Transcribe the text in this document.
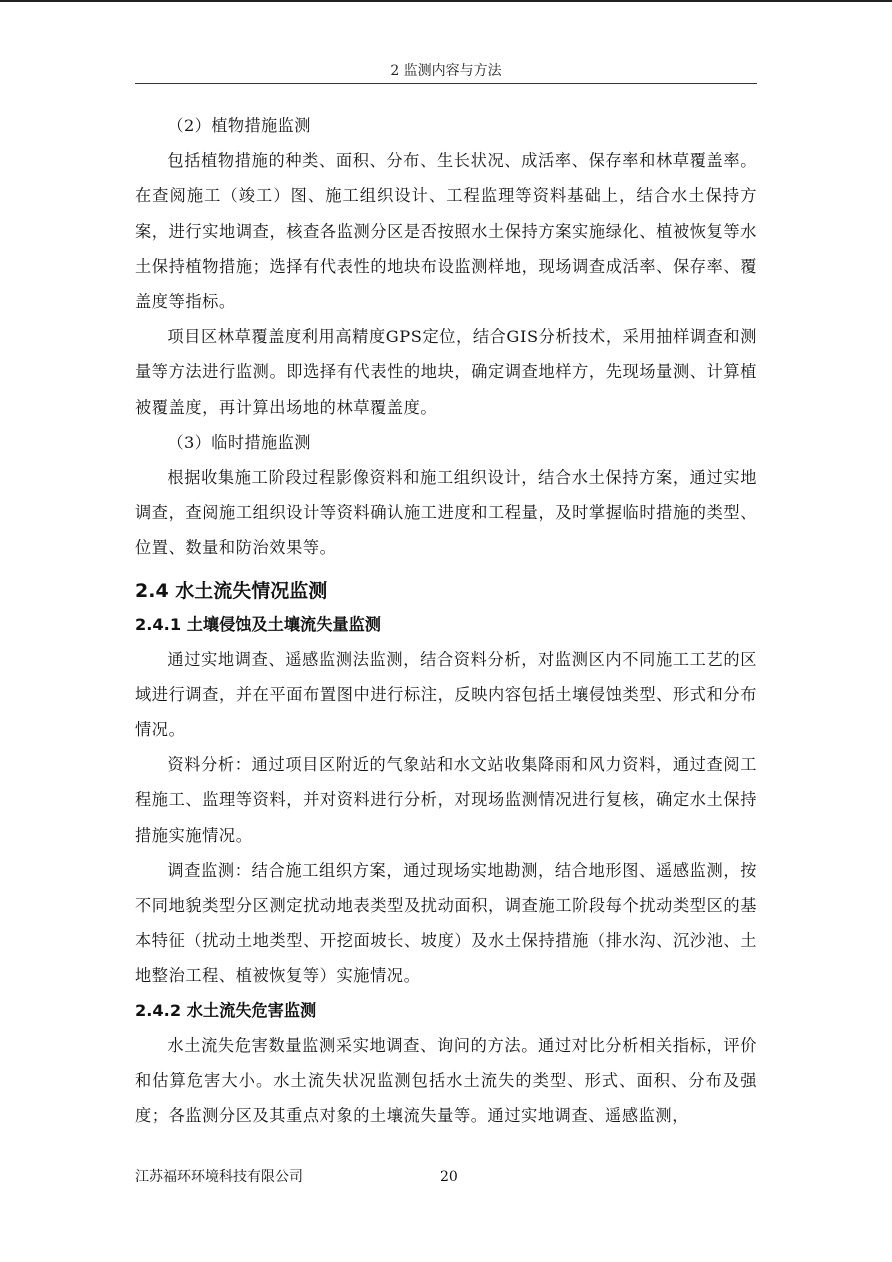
2 监测内容与方法

（2）植物措施监测

包括植物措施的种类、面积、分布、生长状况、成活率、保存率和林草覆盖率。在查阅施工（竣工）图、施工组织设计、工程监理等资料基础上，结合水土保持方案，进行实地调查，核查各监测分区是否按照水土保持方案实施绿化、植被恢复等水土保持植物措施；选择有代表性的地块布设监测样地，现场调查成活率、保存率、覆盖度等指标。

项目区林草覆盖度利用高精度GPS定位，结合GIS分析技术，采用抽样调查和测量等方法进行监测。即选择有代表性的地块，确定调查地样方，先现场量测、计算植被覆盖度，再计算出场地的林草覆盖度。

（3）临时措施监测

根据收集施工阶段过程影像资料和施工组织设计，结合水土保持方案，通过实地调查，查阅施工组织设计等资料确认施工进度和工程量，及时掌握临时措施的类型、位置、数量和防治效果等。

2.4 水土流失情况监测
2.4.1 土壤侵蚀及土壤流失量监测

通过实地调查、遥感监测法监测，结合资料分析，对监测区内不同施工工艺的区域进行调查，并在平面布置图中进行标注，反映内容包括土壤侵蚀类型、形式和分布情况。

资料分析：通过项目区附近的气象站和水文站收集降雨和风力资料，通过查阅工程施工、监理等资料，并对资料进行分析，对现场监测情况进行复核，确定水土保持措施实施情况。

调查监测：结合施工组织方案，通过现场实地勘测，结合地形图、遥感监测，按不同地貌类型分区测定扰动地表类型及扰动面积，调查施工阶段每个扰动类型区的基本特征（扰动土地类型、开挖面坡长、坡度）及水土保持措施（排水沟、沉沙池、土地整治工程、植被恢复等）实施情况。

2.4.2 水土流失危害监测

水土流失危害数量监测采实地调查、询问的方法。通过对比分析相关指标，评价和估算危害大小。水土流失状况监测包括水土流失的类型、形式、面积、分布及强度；各监测分区及其重点对象的土壤流失量等。通过实地调查、遥感监测，

江苏福环环境科技有限公司	20
